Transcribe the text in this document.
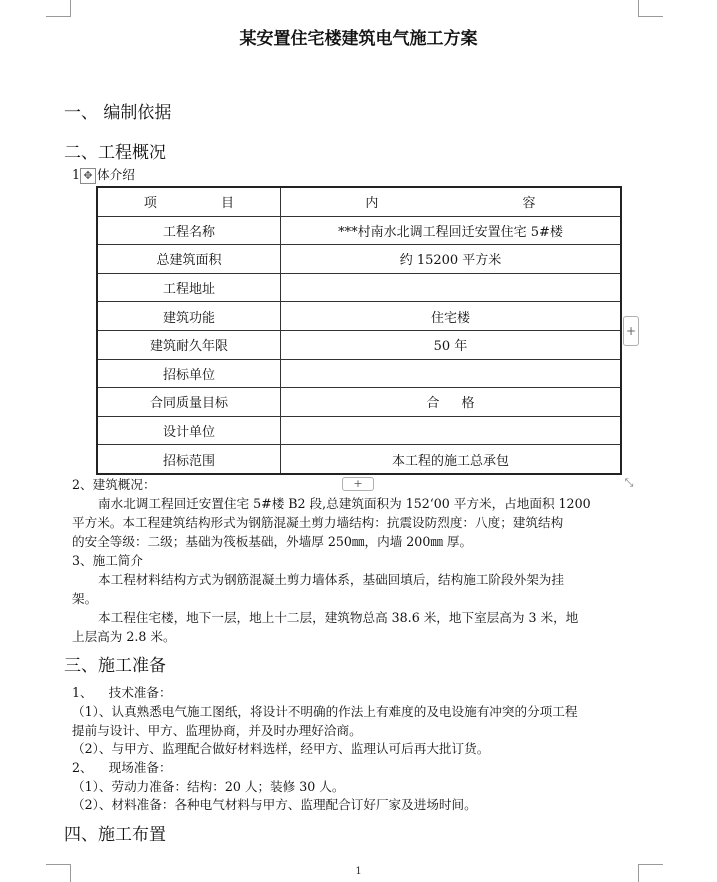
某安置住宅楼建筑电气施工方案
一、 编制依据
二、工程概况
1 ✥ 体介绍
项 目	内 容
工程名称	***村南水北调工程回迁安置住宅 5#楼
总建筑面积	约 15200 平方米
工程地址	
建筑功能	住宅楼
建筑耐久年限	50 年
招标单位	
合同质量目标	合 格
设计单位	
招标范围	本工程的施工总承包
+
+	⤡
2、建筑概况：
南水北调工程回迁安置住宅 5#楼 B2 段,总建筑面积为 152‘00 平方米，占地面积 1200
平方米。本工程建筑结构形式为钢筋混凝土剪力墙结构：抗震设防烈度：八度；建筑结构
的安全等级：二级；基础为筏板基础，外墙厚 250㎜，内墙 200㎜ 厚。
3、施工简介
本工程材料结构方式为钢筋混凝土剪力墙体系，基础回填后，结构施工阶段外架为挂
架。
本工程住宅楼，地下一层，地上十二层，建筑物总高 38.6 米，地下室层高为 3 米，地
上层高为 2.8 米。
三、施工准备
1、    技术准备：
（1）、认真熟悉电气施工图纸，将设计不明确的作法上有难度的及电设施有冲突的分项工程
提前与设计、甲方、监理协商，并及时办理好洽商。
（2）、与甲方、监理配合做好材料选样，经甲方、监理认可后再大批订货。
2、    现场准备：
（1）、劳动力准备：结构：20 人；装修 30 人。
（2）、材料准备：各种电气材料与甲方、监理配合订好厂家及进场时间。
四、施工布置
1
